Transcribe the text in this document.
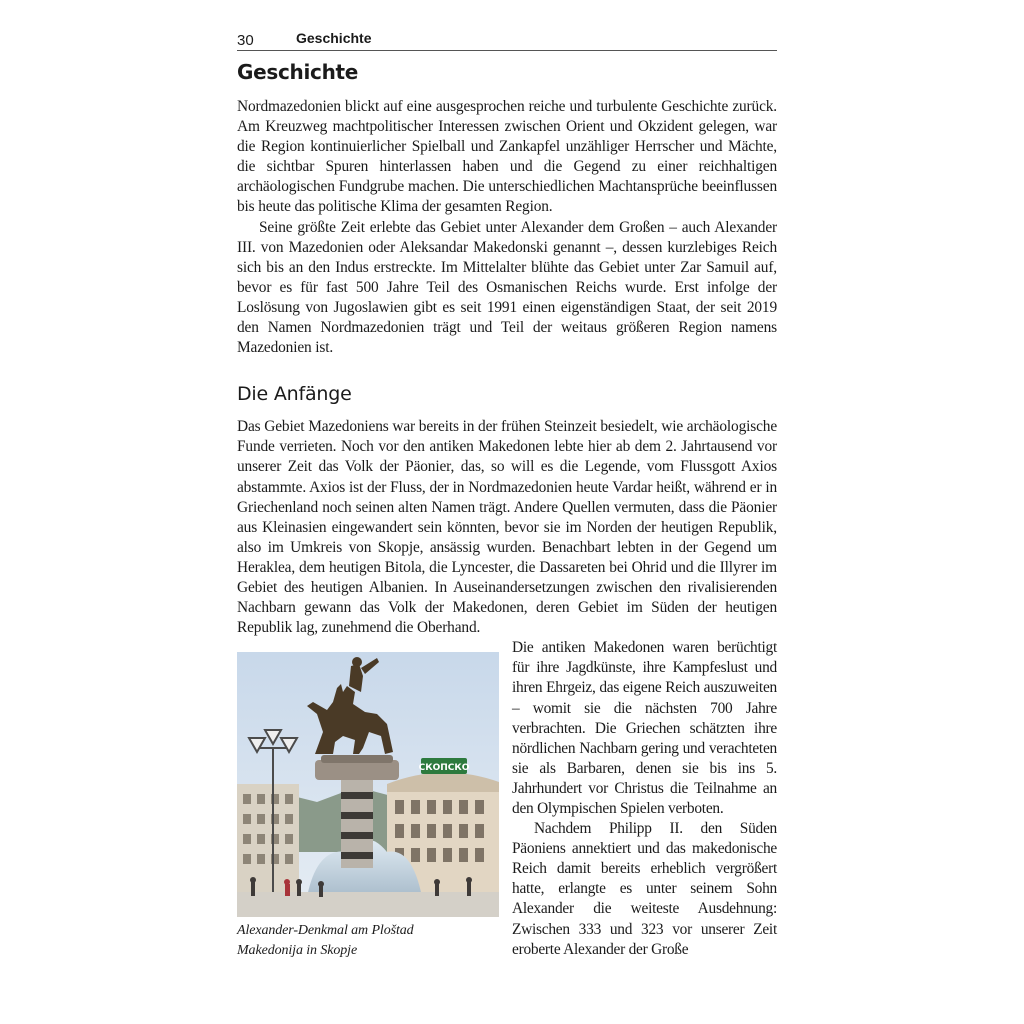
30	Geschichte
Geschichte

Nordmazedonien blickt auf eine ausgesprochen reiche und turbulente Geschichte zurück. Am Kreuzweg machtpolitischer Interessen zwischen Orient und Okzident gelegen, war die Region kontinuierlicher Spielball und Zankapfel unzähliger Herrscher und Mächte, die sichtbar Spuren hinterlassen haben und die Gegend zu einer reichhaltigen archäologischen Fundgrube machen. Die unterschiedlichen Machtansprüche beeinflussen bis heute das politische Klima der gesamten Region.

Seine größte Zeit erlebte das Gebiet unter Alexander dem Großen – auch Alexander III. von Mazedonien oder Aleksandar Makedonski genannt –, dessen kurzlebiges Reich sich bis an den Indus erstreckte. Im Mittelalter blühte das Gebiet unter Zar Samuil auf, bevor es für fast 500 Jahre Teil des Osmanischen Reichs wurde. Erst infolge der Loslösung von Jugoslawien gibt es seit 1991 einen eigenständigen Staat, der seit 2019 den Namen Nordmazedonien trägt und Teil der weitaus größeren Region namens Mazedonien ist.

Die Anfänge

Das Gebiet Mazedoniens war bereits in der frühen Steinzeit besiedelt, wie archäologische Funde verrieten. Noch vor den antiken Makedonen lebte hier ab dem 2. Jahrtausend vor unserer Zeit das Volk der Päonier, das, so will es die Legende, vom Flussgott Axios abstammte. Axios ist der Fluss, der in Nordmazedonien heute Vardar heißt, während er in Griechenland noch seinen alten Namen trägt. Andere Quellen vermuten, dass die Päonier aus Kleinasien eingewandert sein könnten, bevor sie im Norden der heutigen Republik, also im Umkreis von Skopje, ansässig wurden. Benachbart lebten in der Gegend um Heraklea, dem heutigen Bitola, die Lyncester, die Dassareten bei Ohrid und die Illyrer im Gebiet des heutigen Albanien. In Auseinandersetzungen zwischen den rivalisierenden Nachbarn gewann das Volk der Makedonen, deren Gebiet im Süden der heutigen Republik lag, zunehmend die Oberhand.

СКОПСКО
Alexander-Denkmal am Ploštad
Makedonija in Skopje

Die antiken Makedonen waren berüchtigt für ihre Jagdkünste, ihre Kampfeslust und ihren Ehrgeiz, das eigene Reich auszuweiten – womit sie die nächsten 700 Jahre verbrachten. Die Griechen schätzten ihre nördlichen Nachbarn gering und verachteten sie als Barbaren, denen sie bis ins 5. Jahrhundert vor Christus die Teilnahme an den Olympischen Spielen verboten.

Nachdem Philipp II. den Süden Päoniens annektiert und das makedonische Reich damit bereits erheblich vergrößert hatte, erlangte es unter seinem Sohn Alexander die weiteste Ausdehnung: Zwischen 333 und 323 vor unserer Zeit eroberte Alexander der Große
